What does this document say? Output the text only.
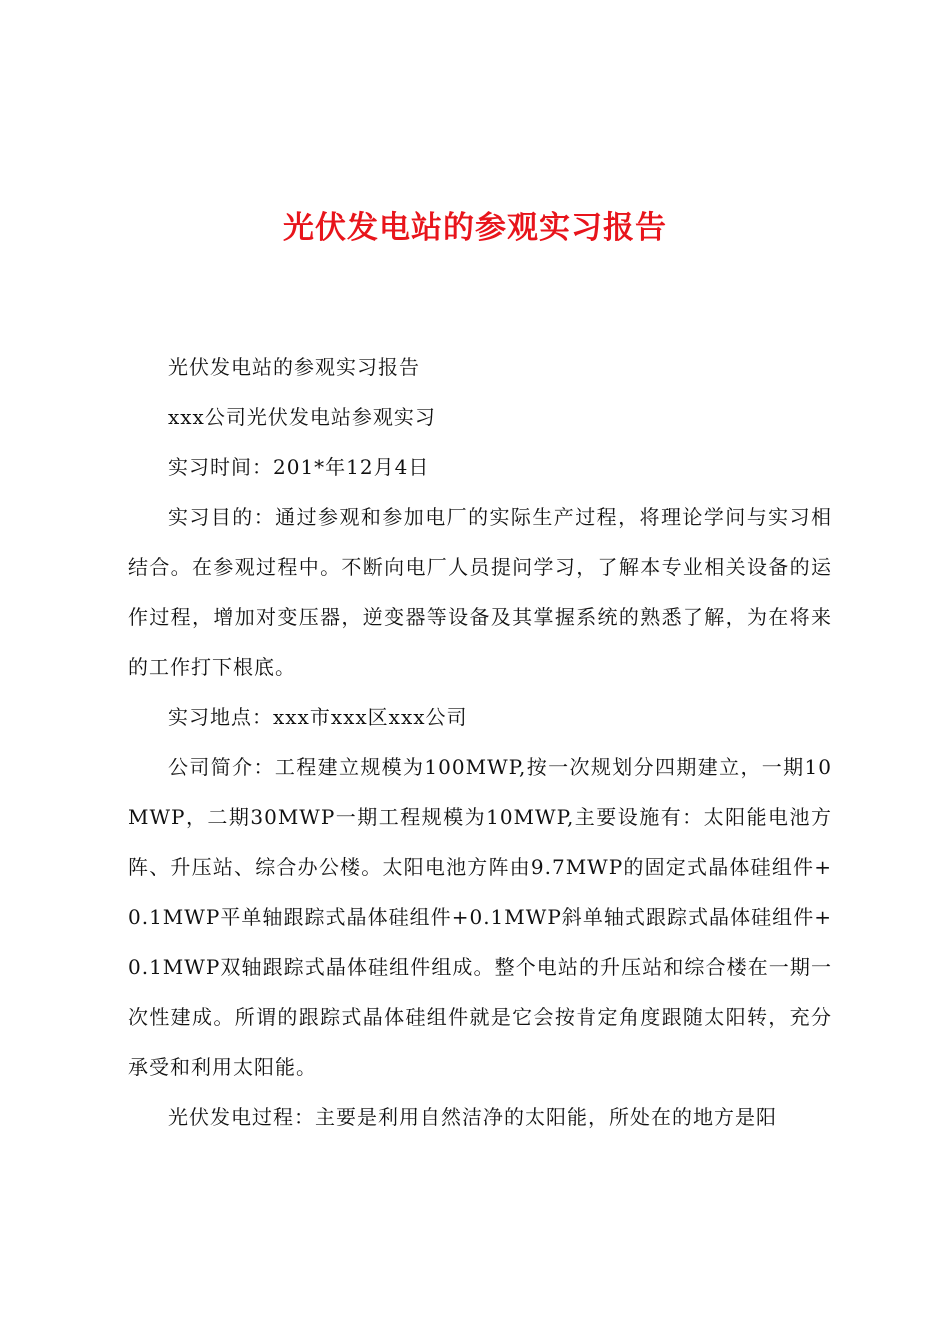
光伏发电站的参观实习报告

光伏发电站的参观实习报告

xxx公司光伏发电站参观实习

实习时间：201*年12月4日

实习目的：通过参观和参加电厂的实际生产过程，将理论学问与实习相结合。在参观过程中。不断向电厂人员提问学习，了解本专业相关设备的运作过程，增加对变压器，逆变器等设备及其掌握系统的熟悉了解，为在将来的工作打下根底。

实习地点：xxx市xxx区xxx公司

公司简介：工程建立规模为100MWP,按一次规划分四期建立，一期10MWP，二期30MWP一期工程规模为10MWP,主要设施有：太阳能电池方阵、升压站、综合办公楼。太阳电池方阵由9.7MWP的固定式晶体硅组件+0.1MWP平单轴跟踪式晶体硅组件+0.1MWP斜单轴式跟踪式晶体硅组件+0.1MWP双轴跟踪式晶体硅组件组成。整个电站的升压站和综合楼在一期一次性建成。所谓的跟踪式晶体硅组件就是它会按肯定角度跟随太阳转，充分承受和利用太阳能。

光伏发电过程：主要是利用自然洁净的太阳能，所处在的地方是阳
